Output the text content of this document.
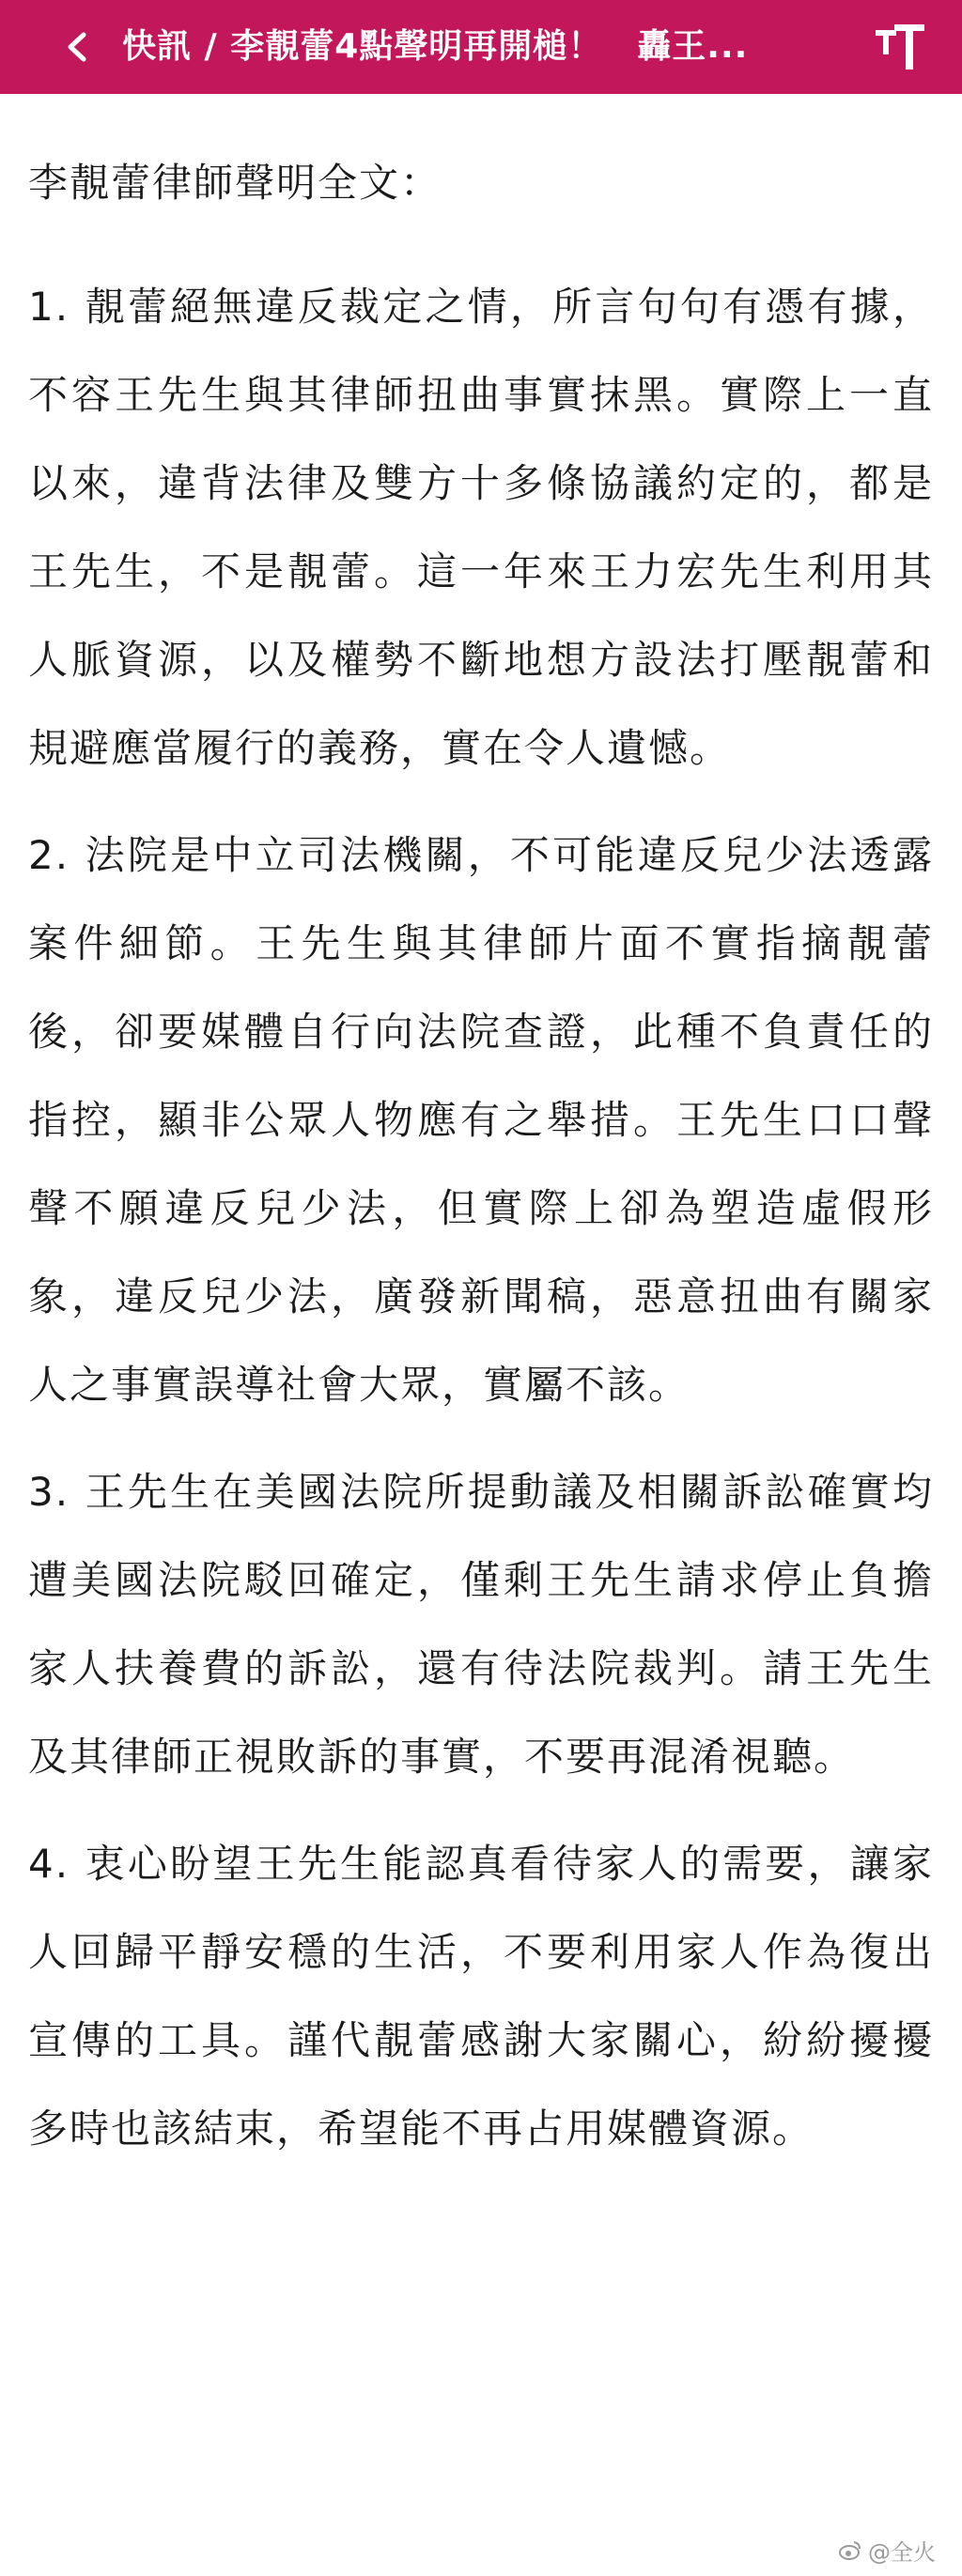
快訊 / 李靚蕾4點聲明再開槌！　轟王...
李靚蕾律師聲明全文：

1. 靚蕾絕無違反裁定之情，所言句句有憑有據，不容王先生與其律師扭曲事實抹黑。實際上一直以來，違背法律及雙方十多條協議約定的，都是王先生，不是靚蕾。這一年來王力宏先生利用其人脈資源，以及權勢不斷地想方設法打壓靚蕾和規避應當履行的義務，實在令人遺憾。

2. 法院是中立司法機關，不可能違反兒少法透露案件細節。王先生與其律師片面不實指摘靚蕾後，卻要媒體自行向法院查證，此種不負責任的指控，顯非公眾人物應有之舉措。王先生口口聲聲不願違反兒少法，但實際上卻為塑造虛假形象，違反兒少法，廣發新聞稿，惡意扭曲有關家人之事實誤導社會大眾，實屬不該。

3. 王先生在美國法院所提動議及相關訴訟確實均遭美國法院駁回確定，僅剩王先生請求停止負擔家人扶養費的訴訟，還有待法院裁判。請王先生及其律師正視敗訴的事實，不要再混淆視聽。

4. 衷心盼望王先生能認真看待家人的需要，讓家人回歸平靜安穩的生活，不要利用家人作為復出宣傳的工具。謹代靚蕾感謝大家關心，紛紛擾擾多時也該結束，希望能不再占用媒體資源。

@全火
